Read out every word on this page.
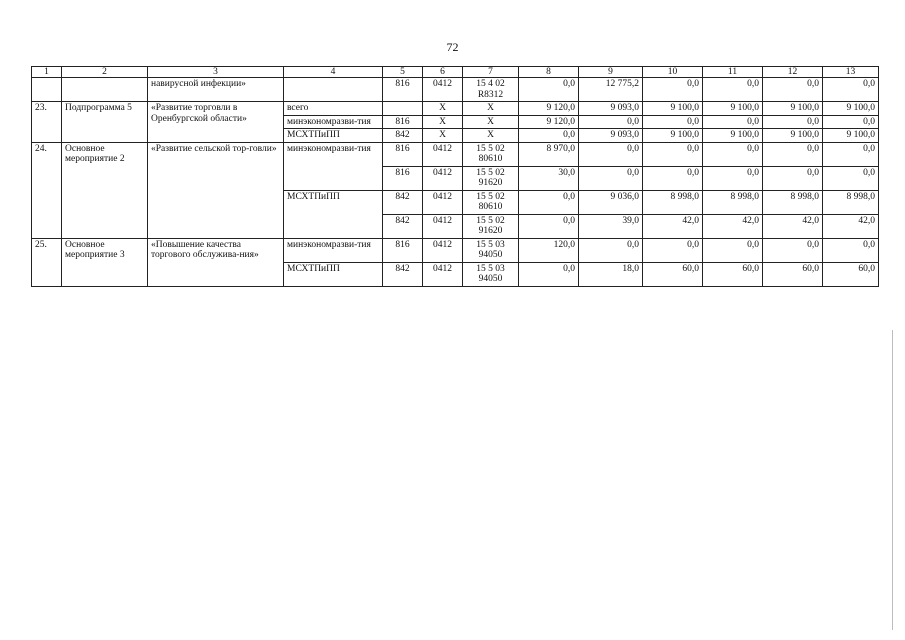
72
1	2	3	4	5	6	7	8	9	10	11	12	13
		навирусной инфекции»		816	0412	15 4 02 R8312	0,0	12 775,2	0,0	0,0	0,0	0,0
23.	Подпрограмма 5	«Развитие торговли в Оренбургской области»	всего		Х	Х	9 120,0	9 093,0	9 100,0	9 100,0	9 100,0	9 100,0
			минэкономразви-тия	816	Х	Х	9 120,0	0,0	0,0	0,0	0,0	0,0
			МСХТПиПП	842	Х	Х	0,0	9 093,0	9 100,0	9 100,0	9 100,0	9 100,0
24.	Основное мероприятие 2	«Развитие сельской тор-говли»	минэкономразви-тия	816	0412	15 5 02 80610	8 970,0	0,0	0,0	0,0	0,0	0,0
				816	0412	15 5 02 91620	30,0	0,0	0,0	0,0	0,0	0,0
			МСХТПиПП	842	0412	15 5 02 80610	0,0	9 036,0	8 998,0	8 998,0	8 998,0	8 998,0
				842	0412	15 5 02 91620	0,0	39,0	42,0	42,0	42,0	42,0
25.	Основное мероприятие 3	«Повышение качества торгового обслужива-ния»	минэкономразви-тия	816	0412	15 5 03 94050	120,0	0,0	0,0	0,0	0,0	0,0
			МСХТПиПП	842	0412	15 5 03 94050	0,0	18,0	60,0	60,0	60,0	60,0
